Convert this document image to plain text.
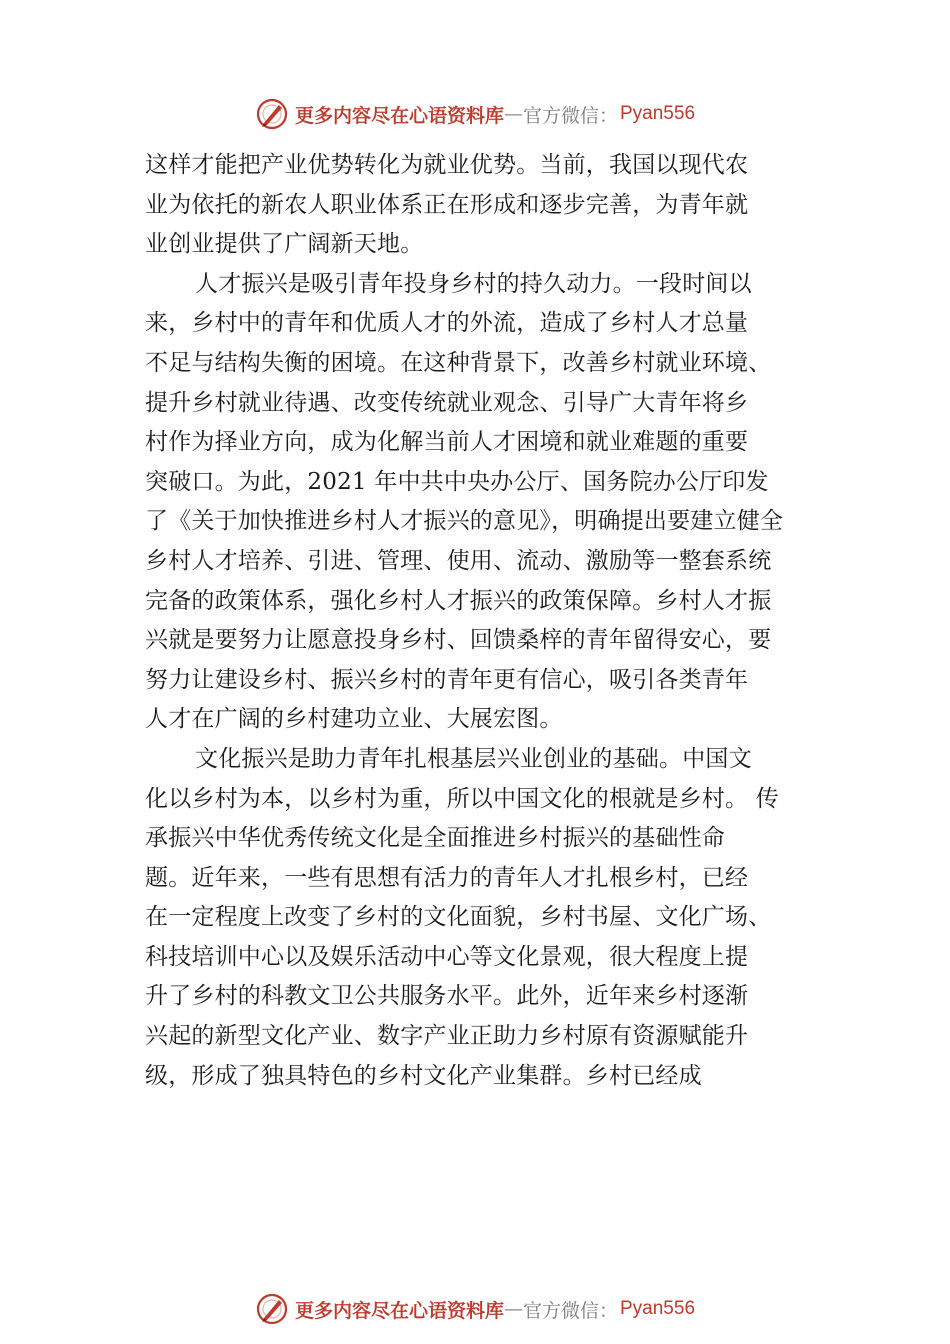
更多内容尽在心语资料库 — 官方微信： Pyan556
这样才能把产业优势转化为就业优势。当前，我国以现代农
业为依托的新农人职业体系正在形成和逐步完善，为青年就
业创业提供了广阔新天地。
人才振兴是吸引青年投身乡村的持久动力。一段时间以
来，乡村中的青年和优质人才的外流，造成了乡村人才总量
不足与结构失衡的困境。在这种背景下，改善乡村就业环境、
提升乡村就业待遇、改变传统就业观念、引导广大青年将乡
村作为择业方向，成为化解当前人才困境和就业难题的重要
突破口。为此，2021 年中共中央办公厅、国务院办公厅印发
了《关于加快推进乡村人才振兴的意见》，明确提出要建立健全
乡村人才培养、引进、管理、使用、流动、激励等一整套系统
完备的政策体系，强化乡村人才振兴的政策保障。乡村人才振
兴就是要努力让愿意投身乡村、回馈桑梓的青年留得安心，要
努力让建设乡村、振兴乡村的青年更有信心，吸引各类青年
人才在广阔的乡村建功立业、大展宏图。
文化振兴是助力青年扎根基层兴业创业的基础。中国文
化以乡村为本，以乡村为重，所以中国文化的根就是乡村。 传
承振兴中华优秀传统文化是全面推进乡村振兴的基础性命
题。近年来，一些有思想有活力的青年人才扎根乡村，已经
在一定程度上改变了乡村的文化面貌，乡村书屋、文化广场、
科技培训中心以及娱乐活动中心等文化景观，很大程度上提
升了乡村的科教文卫公共服务水平。此外，近年来乡村逐渐
兴起的新型文化产业、数字产业正助力乡村原有资源赋能升
级，形成了独具特色的乡村文化产业集群。乡村已经成
更多内容尽在心语资料库 — 官方微信： Pyan556
